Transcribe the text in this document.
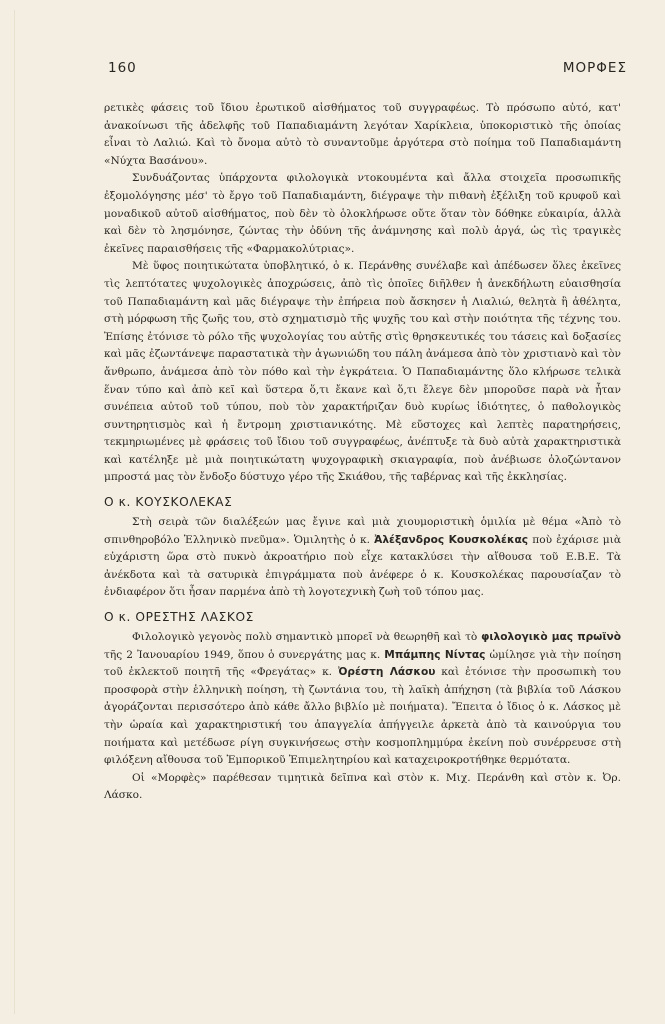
160	ΜΟΡΦΕΣ

ρετικὲς φάσεις τοῦ ἴδιου ἐρωτικοῦ αἰσθήματος τοῦ συγγραφέως. Τὸ πρόσωπο αὐτό, κατ' ἀνακοίνωσι τῆς ἀδελφῆς τοῦ Παπαδιαμάντη λεγόταν Χαρίκλεια, ὑποκοριστικὸ τῆς ὁποίας εἶναι τὸ Λαλιώ. Καὶ τὸ ὄνομα αὐτὸ τὸ συναντοῦμε ἀργότερα στὸ ποίημα τοῦ Παπαδιαμάντη «Νύχτα Βασάνου».

Συνδυάζοντας ὑπάρχοντα φιλολογικὰ ντοκουμέντα καὶ ἄλλα στοιχεῖα προσωπικῆς ἐξομολόγησης μέσ' τὸ ἔργο τοῦ Παπαδιαμάντη, διέγραψε τὴν πιθανὴ ἐξέλιξη τοῦ κρυφοῦ καὶ μοναδικοῦ αὐτοῦ αἰσθήματος, ποὺ δὲν τὸ ὁλοκλήρωσε οὔτε ὅταν τὸν δόθηκε εὐκαιρία, ἀλλὰ καὶ δὲν τὸ λησμόνησε, ζώντας τὴν ὀδύνη τῆς ἀνάμνησης καὶ πολὺ ἀργά, ὡς τὶς τραγικὲς ἐκεῖνες παραισθήσεις τῆς «Φαρμακολύτριας».

Μὲ ὕφος ποιητικώτατα ὑποβλητικό, ὁ κ. Περάνθης συνέλαβε καὶ ἀπέδωσεν ὅλες ἐκεῖνες τὶς λεπτότατες ψυχολογικὲς ἀποχρώσεις, ἀπὸ τὶς ὁποῖες διῆλθεν ἡ ἀνεκδήλωτη εὐαισθησία τοῦ Παπαδιαμάντη καὶ μᾶς διέγραψε τὴν ἐπήρεια ποὺ ἄσκησεν ἡ Λιαλιώ, θελητὰ ἢ ἀθέλητα, στὴ μόρφωση τῆς ζωῆς του, στὸ σχηματισμὸ τῆς ψυχῆς του καὶ στὴν ποιότητα τῆς τέχνης του. Ἐπίσης ἐτόνισε τὸ ρόλο τῆς ψυχολογίας του αὐτῆς στὶς θρησκευτικές του τάσεις καὶ δοξασίες καὶ μᾶς ἐζωντάνεψε παραστατικὰ τὴν ἀγωνιώδη του πάλη ἀνάμεσα ἀπὸ τὸν χριστιανὸ καὶ τὸν ἄνθρωπο, ἀνάμεσα ἀπὸ τὸν πόθο καὶ τὴν ἐγκράτεια. Ὁ Παπαδιαμάντης ὅλο κλήρωσε τελικὰ ἕναν τύπο καὶ ἀπὸ κεῖ καὶ ὕστερα ὅ,τι ἔκανε καὶ ὅ,τι ἔλεγε δὲν μποροῦσε παρὰ νὰ ἦταν συνέπεια αὐτοῦ τοῦ τύπου, ποὺ τὸν χαρακτήριζαν δυὸ κυρίως ἰδιότητες, ὁ παθολογικὸς συντηρητισμὸς καὶ ἡ ἔντρομη χριστιανικότης. Μὲ εὔστοχες καὶ λεπτὲς παρατηρήσεις, τεκμηριωμένες μὲ φράσεις τοῦ ἴδιου τοῦ συγγραφέως, ἀνέπτυξε τὰ δυὸ αὐτὰ χαρακτηριστικὰ καὶ κατέληξε μὲ μιὰ ποιητικώτατη ψυχογραφικὴ σκιαγραφία, ποὺ ἀνέβιωσε ὁλοζώντανον μπροστά μας τὸν ἔνδοξο δύστυχο γέρο τῆς Σκιάθου, τῆς ταβέρνας καὶ τῆς ἐκκλησίας.

Ο κ. ΚΟΥΣΚΟΛΕΚΑΣ

Στὴ σειρὰ τῶν διαλέξεών μας ἔγινε καὶ μιὰ χιουμοριστικὴ ὁμιλία μὲ θέμα «Ἀπὸ τὸ σπινθηροβόλο Ἑλληνικὸ πνεῦμα». Ὁμιλητὴς ὁ κ. Ἀλέξανδρος Κουσκολέκας ποὺ ἐχάρισε μιὰ εὐχάριστη ὥρα στὸ πυκνὸ ἀκροατήριο ποὺ εἶχε κατακλύσει τὴν αἴθουσα τοῦ Ε.Β.Ε. Τὰ ἀνέκδοτα καὶ τὰ σατυρικὰ ἐπιγράμματα ποὺ ἀνέφερε ὁ κ. Κουσκολέκας παρουσίαζαν τὸ ἐνδιαφέρον ὅτι ἦσαν παρμένα ἀπὸ τὴ λογοτεχνικὴ ζωὴ τοῦ τόπου μας.

Ο κ. ΟΡΕΣΤΗΣ ΛΑΣΚΟΣ

Φιλολογικὸ γεγονὸς πολὺ σημαντικὸ μπορεῖ νὰ θεωρηθῆ καὶ τὸ φιλολογικὸ μας πρωϊνὸ τῆς 2 Ἰανουαρίου 1949, ὅπου ὁ συνεργάτης μας κ. Μπάμπης Νίντας ὡμίλησε γιὰ τὴν ποίηση τοῦ ἐκλεκτοῦ ποιητῆ τῆς «Φρεγάτας» κ. Ὀρέστη Λάσκου καὶ ἐτόνισε τὴν προσωπικὴ του προσφορὰ στὴν ἑλληνικὴ ποίηση, τὴ ζωντάνια του, τὴ λαϊκὴ ἀπήχηση (τὰ βιβλία τοῦ Λάσκου ἀγοράζονται περισσότερο ἀπὸ κάθε ἄλλο βιβλίο μὲ ποιήματα). Ἔπειτα ὁ ἴδιος ὁ κ. Λάσκος μὲ τὴν ὡραία καὶ χαρακτηριστική του ἀπαγγελία ἀπήγγειλε ἀρκετὰ ἀπὸ τὰ καινούργια του ποιήματα καὶ μετέδωσε ρίγη συγκινήσεως στὴν κοσμοπλημμύρα ἐκείνη ποὺ συνέρρευσε στὴ φιλόξενη αἴθουσα τοῦ Ἐμπορικοῦ Ἐπιμελητηρίου καὶ καταχειροκροτήθηκε θερμότατα.

Οἱ «Μορφὲς» παρέθεσαν τιμητικὰ δεῖπνα καὶ στὸν κ. Μιχ. Περάνθη καὶ στὸν κ. Ὀρ. Λάσκο.
